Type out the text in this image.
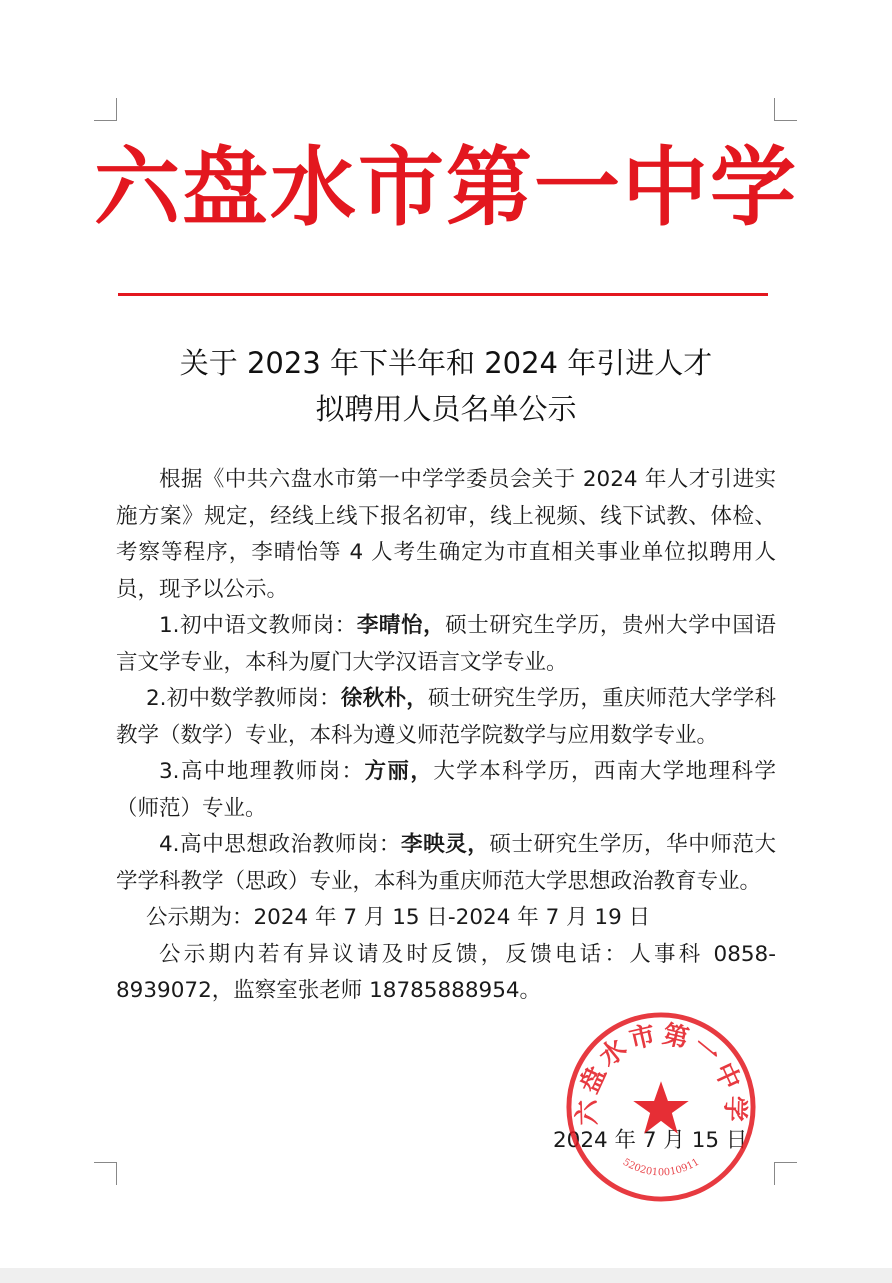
六盘水市第一中学
关于 2023 年下半年和 2024 年引进人才
拟聘用人员名单公示

根据《中共六盘水市第一中学学委员会关于 2024 年人才引进实施方案》规定，经线上线下报名初审，线上视频、线下试教、体检、考察等程序，李晴怡等 4 人考生确定为市直相关事业单位拟聘用人员，现予以公示。

1.初中语文教师岗：李晴怡，硕士研究生学历，贵州大学中国语言文学专业，本科为厦门大学汉语言文学专业。

2.初中数学教师岗：徐秋朴，硕士研究生学历，重庆师范大学学科教学（数学）专业，本科为遵义师范学院数学与应用数学专业。

3.高中地理教师岗：方丽，大学本科学历，西南大学地理科学（师范）专业。

4.高中思想政治教师岗：李映灵，硕士研究生学历，华中师范大学学科教学（思政）专业，本科为重庆师范大学思想政治教育专业。

公示期为：2024 年 7 月 15 日-2024 年 7 月 19 日

公示期内若有异议请及时反馈，反馈电话：人事科 0858-8939072，监察室张老师 18785888954。

2024 年 7 月 15 日
六盘水市第一中学
5202010010911
